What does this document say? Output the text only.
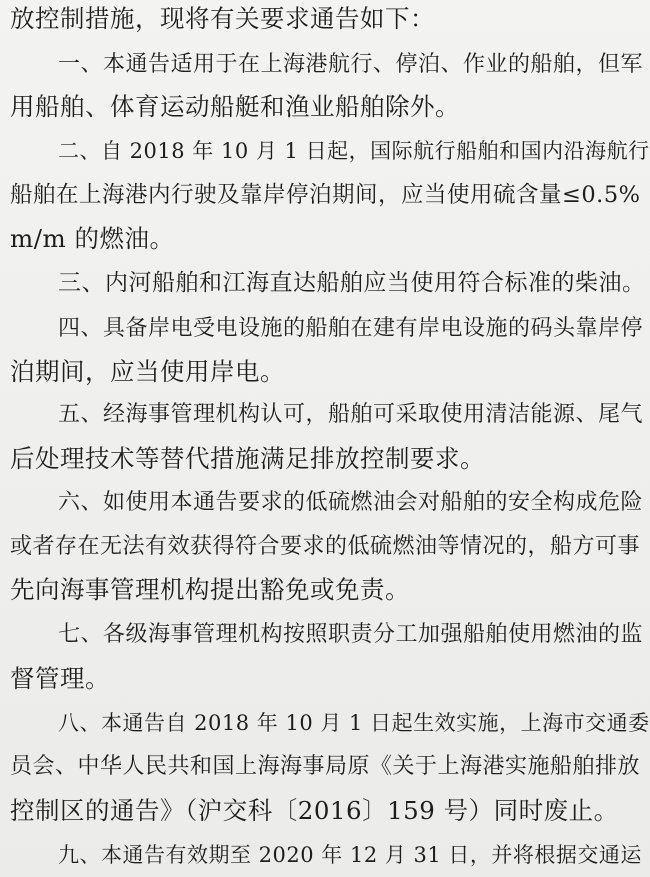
放控制措施，现将有关要求通告如下：
一、本通告适用于在上海港航行、停泊、作业的船舶，但军
用船舶、体育运动船艇和渔业船舶除外。
二、自 2018 年 10 月 1 日起，国际航行船舶和国内沿海航行
船舶在上海港内行驶及靠岸停泊期间，应当使用硫含量≤0.5%
m/m 的燃油。
三、内河船舶和江海直达船舶应当使用符合标准的柴油。
四、具备岸电受电设施的船舶在建有岸电设施的码头靠岸停
泊期间，应当使用岸电。
五、经海事管理机构认可，船舶可采取使用清洁能源、尾气
后处理技术等替代措施满足排放控制要求。
六、如使用本通告要求的低硫燃油会对船舶的安全构成危险
或者存在无法有效获得符合要求的低硫燃油等情况的，船方可事
先向海事管理机构提出豁免或免责。
七、各级海事管理机构按照职责分工加强船舶使用燃油的监
督管理。
八、本通告自 2018 年 10 月 1 日起生效实施，上海市交通委
员会、中华人民共和国上海海事局原《关于上海港实施船舶排放
控制区的通告》（沪交科〔2016〕159 号）同时废止。
九、本通告有效期至 2020 年 12 月 31 日，并将根据交通运
